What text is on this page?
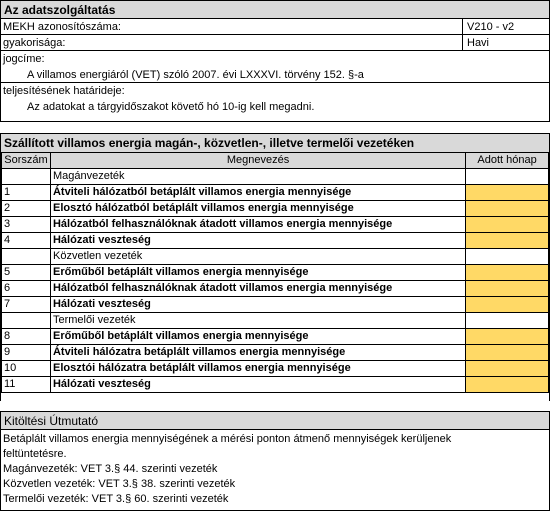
Az adatszolgáltatás
MEKH azonosítószáma:	V210 - v2
gyakorisága:	Havi
jogcíme:
A villamos energiáról (VET) szóló 2007. évi LXXXVI. törvény 152. §-a
teljesítésének határideje:
Az adatokat a tárgyidőszakot követő hó 10-ig kell megadni.
Szállított villamos energia magán-, közvetlen-, illetve termelői vezetéken
Sorszám	Megnevezés	Adott hónap
	Magánvezeték	
1	Átviteli hálózatból betáplált villamos energia mennyisége	
2	Elosztó hálózatból betáplált villamos energia mennyisége	
3	Hálózatból felhasználóknak átadott villamos energia mennyisége	
4	Hálózati veszteség	
	Közvetlen vezeték	
5	Erőműből betáplált villamos energia mennyisége	
6	Hálózatból felhasználóknak átadott villamos energia mennyisége	
7	Hálózati veszteség	
	Termelői vezeték	
8	Erőműből betáplált villamos energia mennyisége	
9	Átviteli hálózatra betáplált villamos energia mennyisége	
10	Elosztói hálózatra betáplált villamos energia mennyisége	
11	Hálózati veszteség	
Kitöltési Útmutató
Betáplált villamos energia mennyiségének a mérési ponton átmenő mennyiségek kerüljenek
feltüntetésre.
Magánvezeték: VET 3.§ 44. szerinti vezeték
Közvetlen vezeték: VET 3.§ 38. szerinti vezeték
Termelői vezeték: VET 3.§ 60. szerinti vezeték
